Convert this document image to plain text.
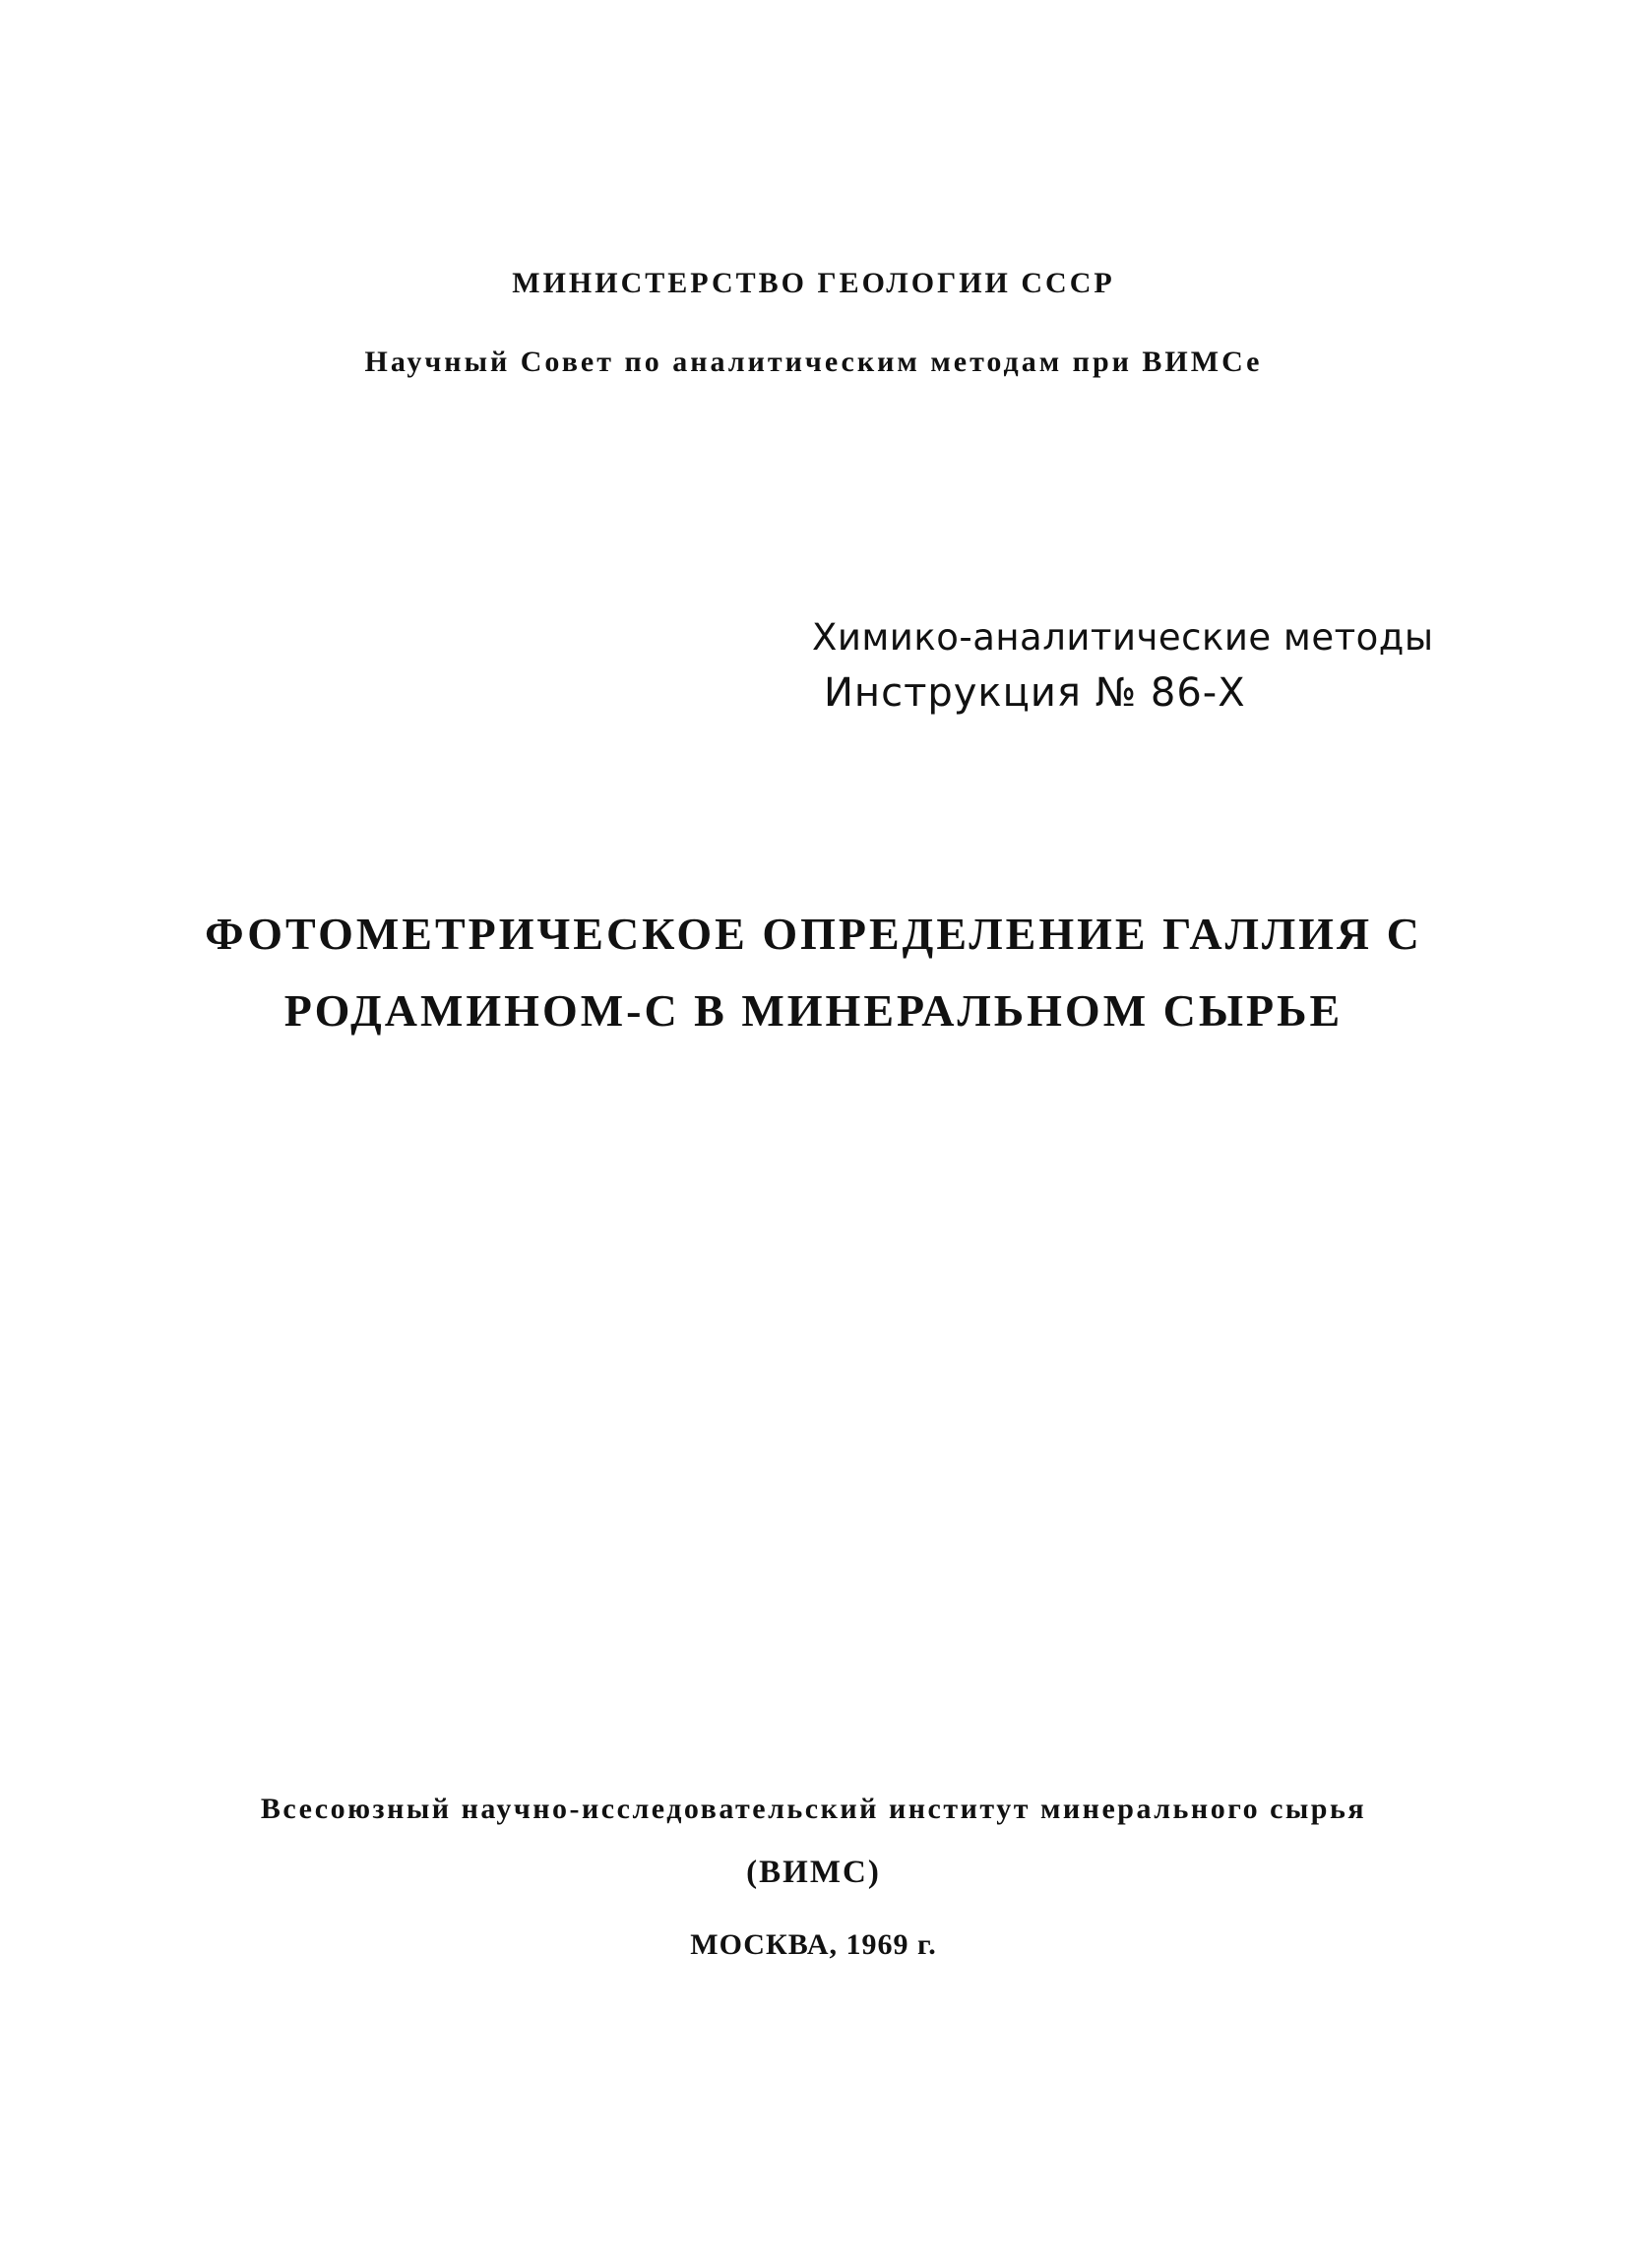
МИНИСТЕРСТВО ГЕОЛОГИИ СССР
Научный Совет по аналитическим методам при ВИМСе
Химико-аналитические методы
Инструкция № 86-Х
ФОТОМЕТРИЧЕСКОЕ ОПРЕДЕЛЕНИЕ ГАЛЛИЯ С
РОДАМИНОМ-С В МИНЕРАЛЬНОМ СЫРЬЕ
Всесоюзный научно-исследовательский институт минерального сырья
(ВИМС)
МОСКВА, 1969 г.
